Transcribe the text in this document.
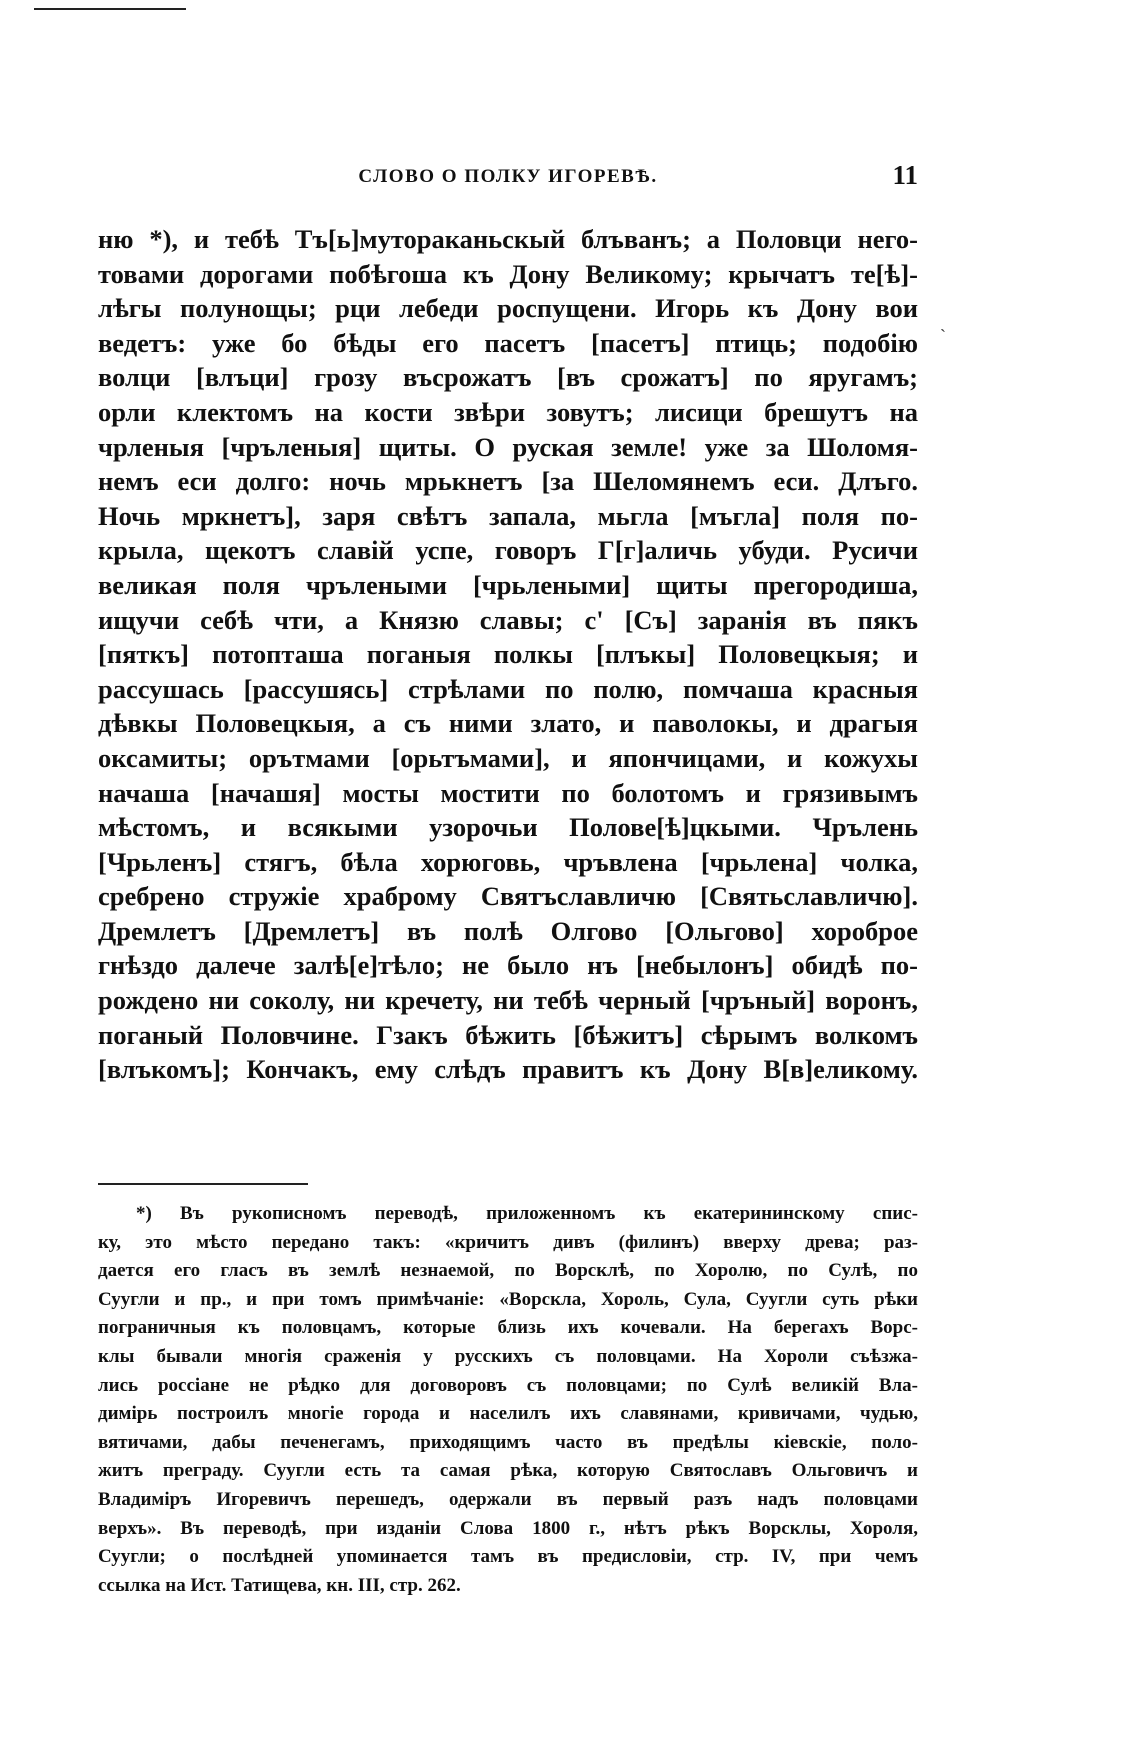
СЛОВО О ПОЛКУ ИГОРЕВѢ.	11
ˎ
ню *), и тебѣ Тъ[ь]мутораканьскый блъванъ; а Половци него-
товами дорогами побѣгоша къ Дону Великому; крычатъ те[ѣ]-
лѣгы полунощы; рци лебеди роспущени. Игорь къ Дону вои
ведетъ: уже бо бѣды его пасетъ [пасетъ] птиць; подобію
волци [влъци] грозу въсрожатъ [въ срожатъ] по яругамъ;
орли клектомъ на кости звѣри зовутъ; лисици брешутъ на
чрленыя [чръленыя] щиты. О руская земле! уже за Шоломя-
немъ еси долго: ночь мрькнетъ [за Шеломянемъ еси. Длъго.
Ночь мркнетъ], заря свѣтъ запала, мьгла [мъгла] поля по-
крыла, щекотъ славій успе, говоръ Г[г]аличь убуди. Русичи
великая поля чрълеными [чрьлеными] щиты прегородиша,
ищучи себѣ чти, а Князю славы; с' [Съ] заранія въ пякъ
[пяткъ] потопташа поганыя полкы [плъкы] Половецкыя; и
рассушась [рассушясь] стрѣлами по полю, помчаша красныя
дѣвкы Половецкыя, а съ ними злато, и паволокы, и драгыя
оксамиты; орътмами [орьтъмами], и япончицами, и кожухы
начаша [начашя] мосты мостити по болотомъ и грязивымъ
мѣстомъ, и всякыми узорочьи Полове[ѣ]цкыми. Чрълень
[Чрьленъ] стягъ, бѣла хорюговь, чръвлена [чрьлена] чолка,
сребрено стружіе храброму Святъславличю [Святьславличю].
Дремлетъ [Дремлетъ] въ полѣ Олгово [Ольгово] хороброе
гнѣздо далече залѣ[е]тѣло; не было нъ [небылонъ] обидѣ по-
рождено ни соколу, ни кречету, ни тебѣ черный [чръный] воронъ,
поганый Половчине. Гзакъ бѣжить [бѣжитъ] сѣрымъ волкомъ
[влъкомъ]; Кончакъ, ему слѣдъ правитъ къ Дону В[в]еликому.
*) Въ рукописномъ переводѣ, приложенномъ къ екатерининскому спис-
ку, это мѣсто передано такъ: «кричитъ дивъ (филинъ) вверху древа; раз-
дается его гласъ въ землѣ незнаемой, по Ворсклѣ, по Хоролю, по Сулѣ, по
Суугли и пр., и при томъ примѣчаніе: «Ворскла, Хороль, Сула, Суугли суть рѣки
пограничныя къ половцамъ, которые близь ихъ кочевали. На берегахъ Ворс-
клы бывали многія сраженія у русскихъ съ половцами. На Хороли съѣзжа-
лись россіане не рѣдко для договоровъ съ половцами; по Сулѣ великій Вла-
димірь построилъ многіе города и населилъ ихъ славянами, кривичами, чудью,
вятичами, дабы печенегамъ, приходящимъ часто въ предѣлы кіевскіе, поло-
житъ преграду. Суугли есть та самая рѣка, которую Святославъ Ольговичъ и
Владиміръ Игоревичъ перешедъ, одержали въ первый разъ надъ половцами
верхъ». Въ переводѣ, при изданіи Слова 1800 г., нѣтъ рѣкъ Ворсклы, Хороля,
Суугли; о послѣдней упоминается тамъ въ предисловіи, стр. IV, при чемъ
ссылка на Ист. Татищева, кн. III, стр. 262.
